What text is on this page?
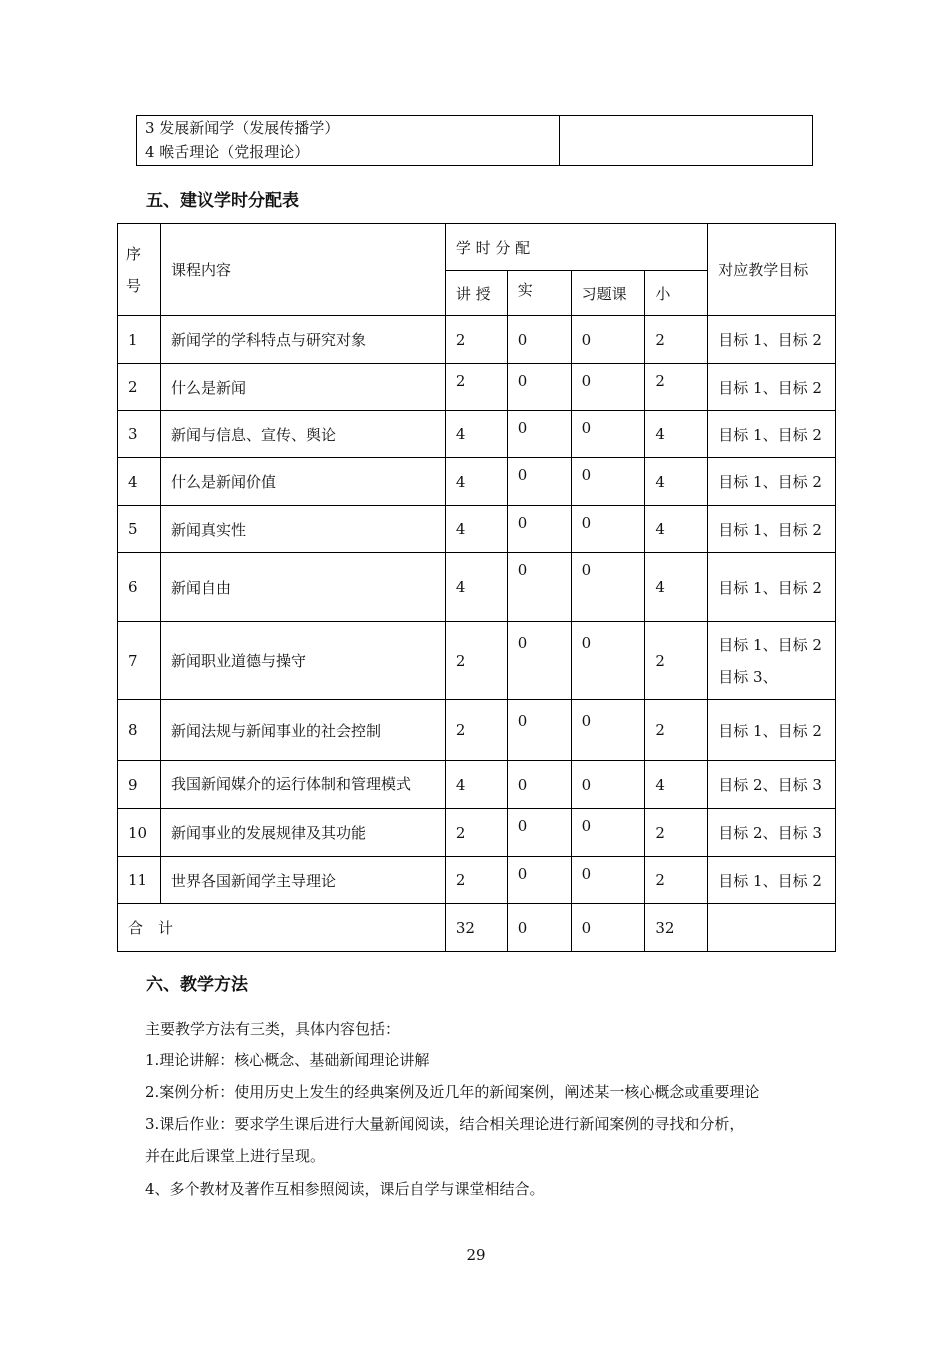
3 发展新闻学（发展传播学）
4 喉舌理论（党报理论）

五、建议学时分配表
序
号	课程内容	学 时 分 配				对应教学目标
		讲 授	实	习题课	小	
1	新闻学的学科特点与研究对象	2	0	0	2	目标 1、目标 2
2	什么是新闻	2	0	0	2	目标 1、目标 2
3	新闻与信息、宣传、舆论	4	0	0	4	目标 1、目标 2
4	什么是新闻价值	4	0	0	4	目标 1、目标 2
5	新闻真实性	4	0	0	4	目标 1、目标 2
6	新闻自由	4	0	0	4	目标 1、目标 2
7	新闻职业道德与操守	2	0	0	2	目标 1、目标 2
目标 3、

8	新闻法规与新闻事业的社会控制	2	0	0	2	目标 1、目标 2
9	我国新闻媒介的运行体制和管理模式	4	0	0	4	目标 2、目标 3
10	新闻事业的发展规律及其功能	2	0	0	2	目标 2、目标 3
11	世界各国新闻学主导理论	2	0	0	2	目标 1、目标 2
合　计		32	0	0	32	
六、教学方法
主要教学方法有三类，具体内容包括：
1.理论讲解：核心概念、基础新闻理论讲解
2.案例分析：使用历史上发生的经典案例及近几年的新闻案例，阐述某一核心概念或重要理论
3.课后作业：要求学生课后进行大量新闻阅读，结合相关理论进行新闻案例的寻找和分析，
并在此后课堂上进行呈现。
4、多个教材及著作互相参照阅读，课后自学与课堂相结合。
29
